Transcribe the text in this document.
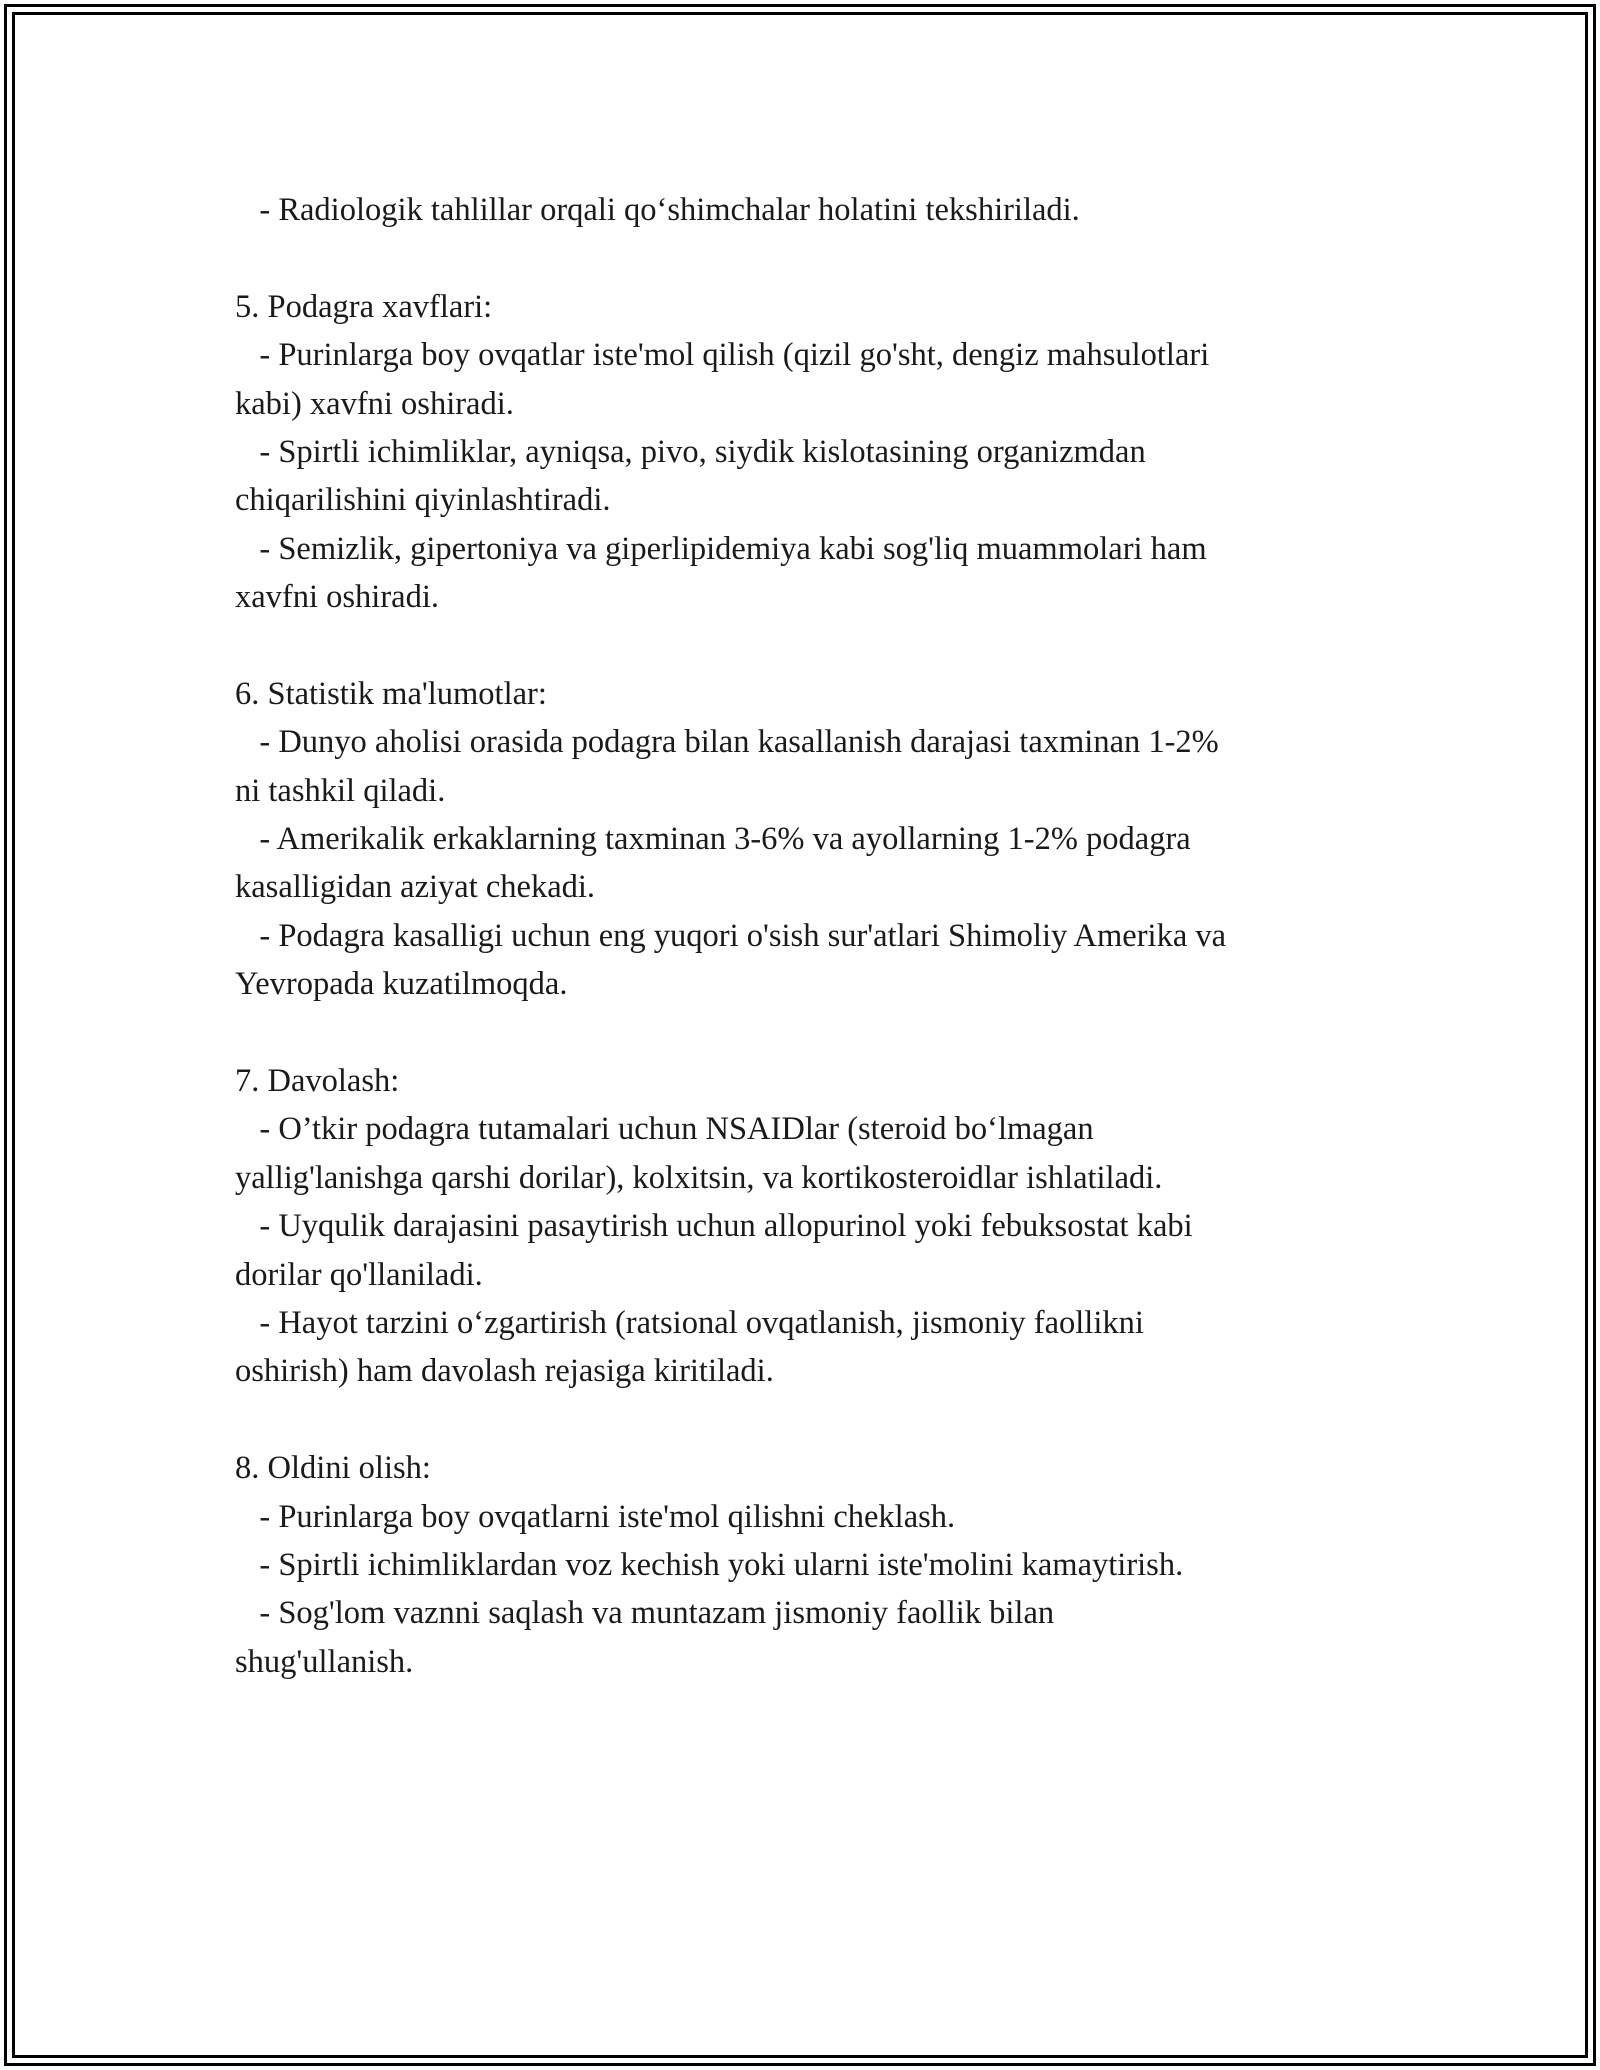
- Radiologik tahlillar orqali qo‘shimchalar holatini tekshiriladi.
5. Podagra xavflari:
- Purinlarga boy ovqatlar iste'mol qilish (qizil go'sht, dengiz mahsulotlari
kabi) xavfni oshiradi.
- Spirtli ichimliklar, ayniqsa, pivo, siydik kislotasining organizmdan
chiqarilishini qiyinlashtiradi.
- Semizlik, gipertoniya va giperlipidemiya kabi sog'liq muammolari ham
xavfni oshiradi.
6. Statistik ma'lumotlar:
- Dunyo aholisi orasida podagra bilan kasallanish darajasi taxminan 1-2%
ni tashkil qiladi.
- Amerikalik erkaklarning taxminan 3-6% va ayollarning 1-2% podagra
kasalligidan aziyat chekadi.
- Podagra kasalligi uchun eng yuqori o'sish sur'atlari Shimoliy Amerika va
Yevropada kuzatilmoqda.
7. Davolash:
- O’tkir podagra tutamalari uchun NSAIDlar (steroid bo‘lmagan
yallig'lanishga qarshi dorilar), kolxitsin, va kortikosteroidlar ishlatiladi.
- Uyqulik darajasini pasaytirish uchun allopurinol yoki febuksostat kabi
dorilar qo'llaniladi.
- Hayot tarzini o‘zgartirish (ratsional ovqatlanish, jismoniy faollikni
oshirish) ham davolash rejasiga kiritiladi.
8. Oldini olish:
- Purinlarga boy ovqatlarni iste'mol qilishni cheklash.
- Spirtli ichimliklardan voz kechish yoki ularni iste'molini kamaytirish.
- Sog'lom vaznni saqlash va muntazam jismoniy faollik bilan
shug'ullanish.
